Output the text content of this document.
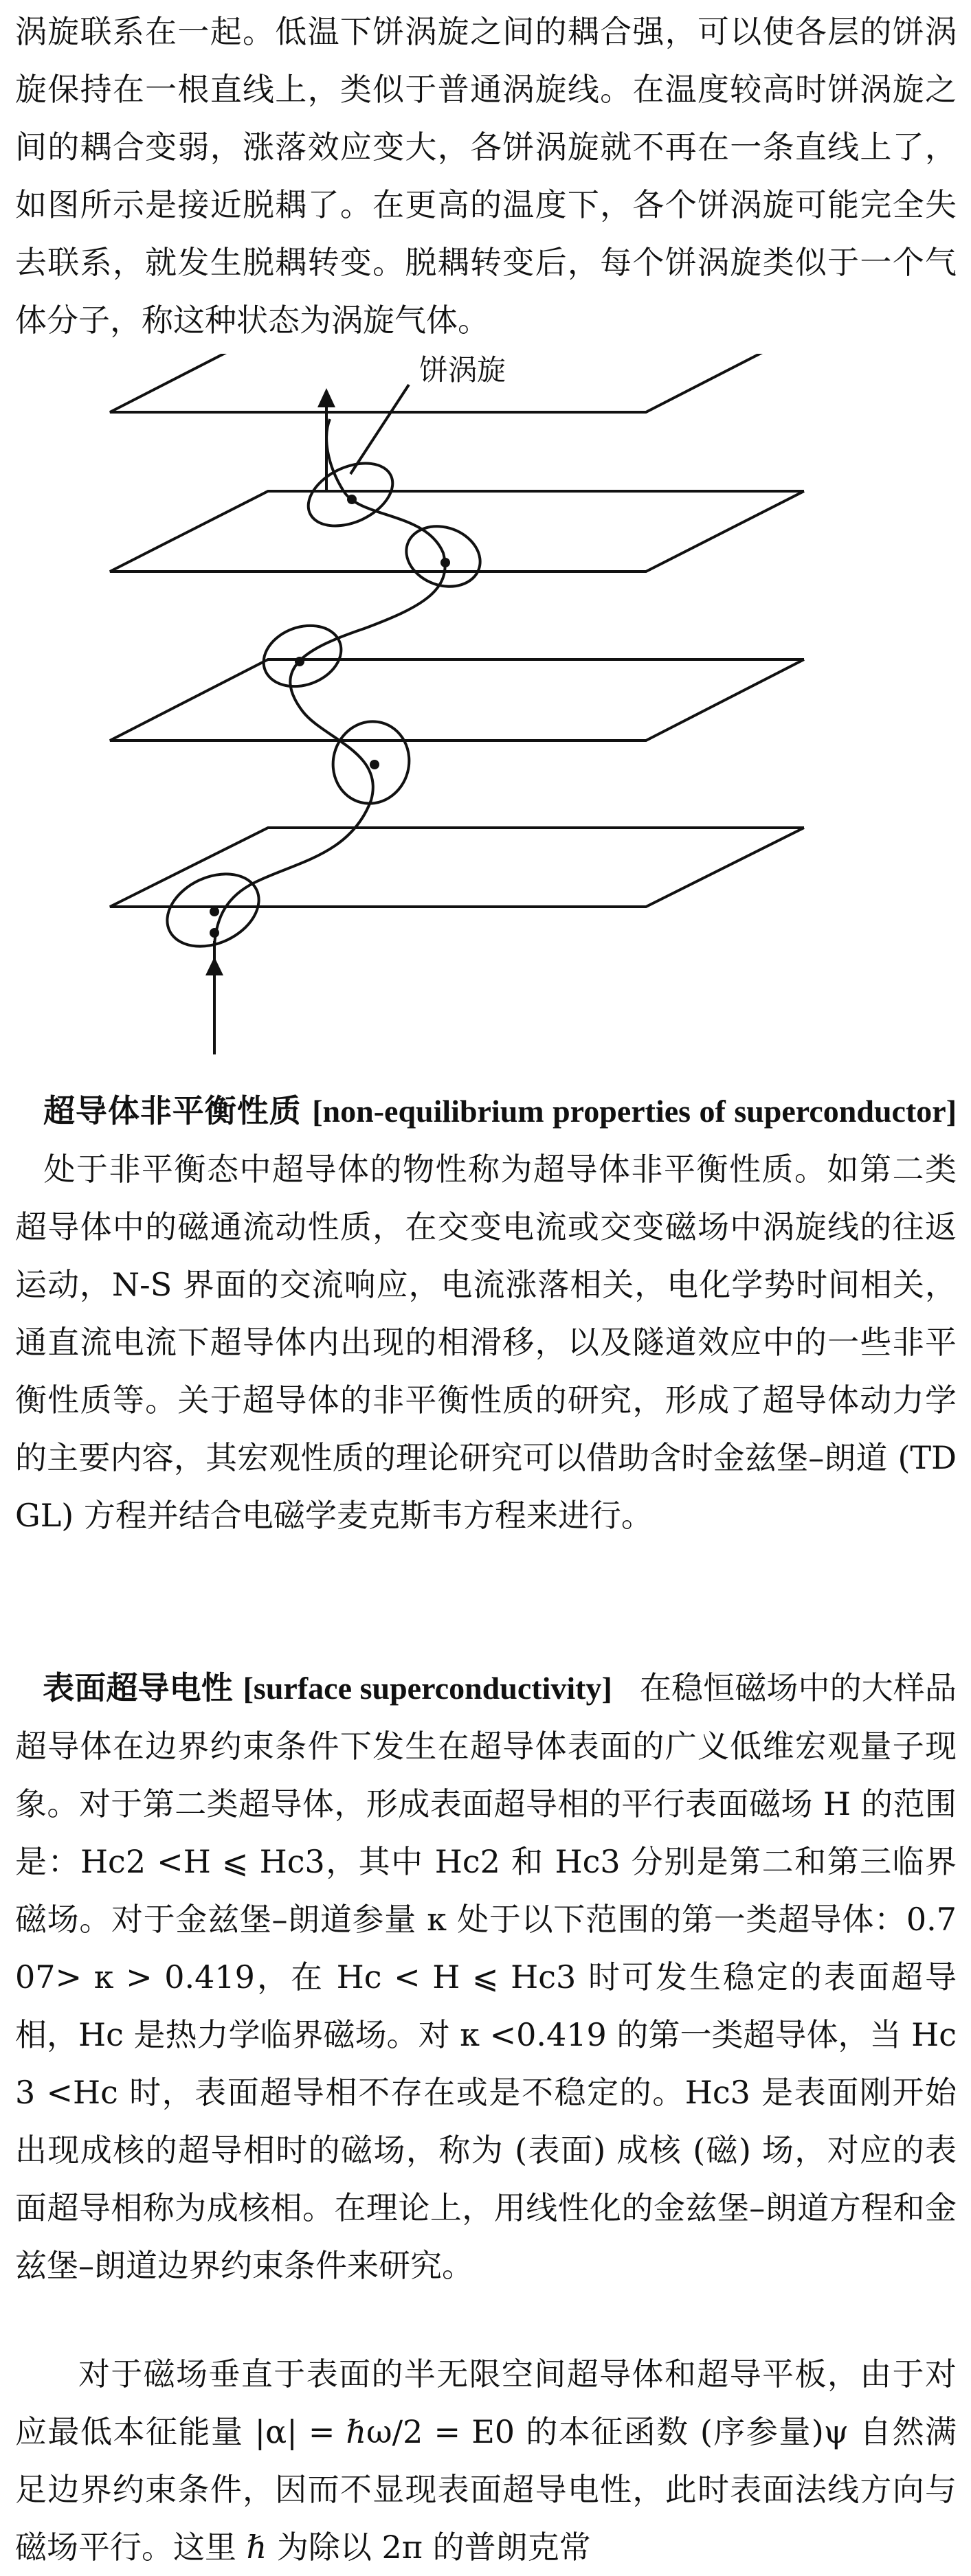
涡旋联系在一起。低温下饼涡旋之间的耦合强，可以使各层的饼涡旋保持在一根直线上，类似于普通涡旋线。在温度较高时饼涡旋之间的耦合变弱，涨落效应变大，各饼涡旋就不再在一条直线上了，如图所示是接近脱耦了。在更高的温度下，各个饼涡旋可能完全失去联系，就发生脱耦转变。脱耦转变后，每个饼涡旋类似于一个气体分子，称这种状态为涡旋气体。

饼涡旋

超导体非平衡性质 [non-equilibrium properties of superconductor]处于非平衡态中超导体的物性称为超导体非平衡性质。如第二类超导体中的磁通流动性质，在交变电流或交变磁场中涡旋线的往返运动，N-S 界面的交流响应，电流涨落相关，电化学势时间相关，通直流电流下超导体内出现的相滑移，以及隧道效应中的一些非平衡性质等。关于超导体的非平衡性质的研究，形成了超导体动力学的主要内容，其宏观性质的理论研究可以借助含时金兹堡–朗道 (TDGL) 方程并结合电磁学麦克斯韦方程来进行。

表面超导电性 [surface superconductivity] 在稳恒磁场中的大样品超导体在边界约束条件下发生在超导体表面的广义低维宏观量子现象。对于第二类超导体，形成表面超导相的平行表面磁场 H 的范围是：Hc2 <H ⩽ Hc3，其中 Hc2 和 Hc3 分别是第二和第三临界磁场。对于金兹堡–朗道参量 κ 处于以下范围的第一类超导体：0.707> κ > 0.419，在 Hc < H ⩽ Hc3 时可发生稳定的表面超导相，Hc 是热力学临界磁场。对 κ <0.419 的第一类超导体，当 Hc3 <Hc 时，表面超导相不存在或是不稳定的。Hc3 是表面刚开始出现成核的超导相时的磁场，称为 (表面) 成核 (磁) 场，对应的表面超导相称为成核相。在理论上，用线性化的金兹堡–朗道方程和金兹堡–朗道边界约束条件来研究。

对于磁场垂直于表面的半无限空间超导体和超导平板，由于对应最低本征能量 |α| = ℏω/2 = E0 的本征函数 (序参量)ψ 自然满足边界约束条件，因而不显现表面超导电性，此时表面法线方向与磁场平行。这里 ℏ 为除以 2π 的普朗克常
